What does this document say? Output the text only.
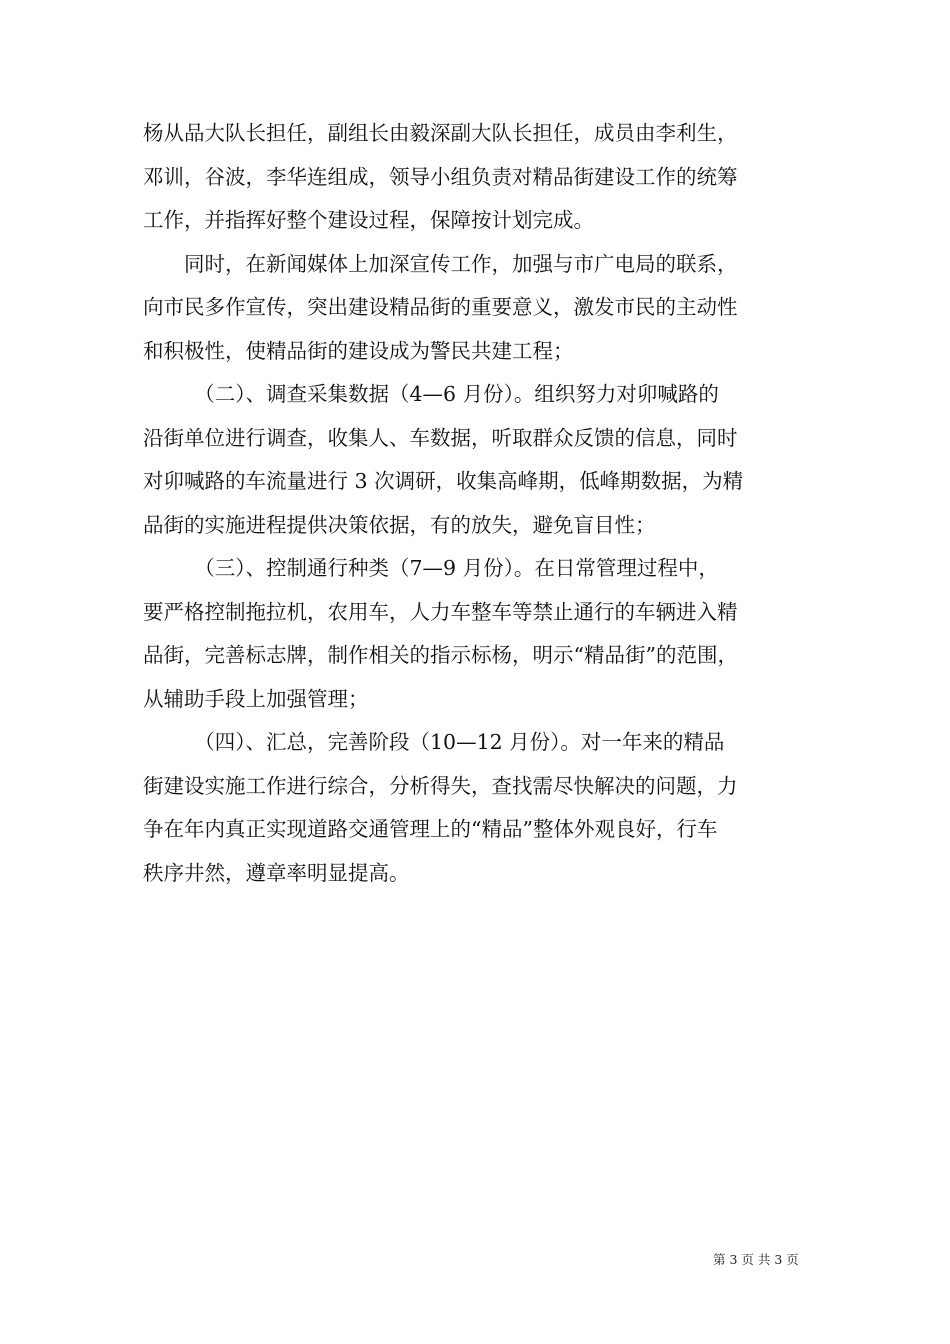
杨从品大队长担任，副组长由毅深副大队长担任，成员由李利生，
邓训，谷波，李华连组成，领导小组负责对精品街建设工作的统筹
工作，并指挥好整个建设过程，保障按计划完成。
　　同时，在新闻媒体上加深宣传工作，加强与市广电局的联系，
向市民多作宣传，突出建设精品街的重要意义，激发市民的主动性
和积极性，使精品街的建设成为警民共建工程；
　　　（二）、调查采集数据（4—6 月份）。组织努力对卯喊路的
沿街单位进行调查，收集人、车数据，听取群众反馈的信息，同时
对卯喊路的车流量进行 3 次调研，收集高峰期，低峰期数据，为精
品街的实施进程提供决策依据，有的放失，避免盲目性；
　　　（三）、控制通行种类（7—9 月份）。在日常管理过程中，
要严格控制拖拉机，农用车，人力车整车等禁止通行的车辆进入精
品街，完善标志牌，制作相关的指示标杨，明示“精品街”的范围，
从辅助手段上加强管理；
　　　（四）、汇总，完善阶段（10—12 月份）。对一年来的精品
街建设实施工作进行综合，分析得失，查找需尽快解决的问题，力
争在年内真正实现道路交通管理上的“精品”整体外观良好，行车
秩序井然，遵章率明显提高。
第 3 页 共 3 页
